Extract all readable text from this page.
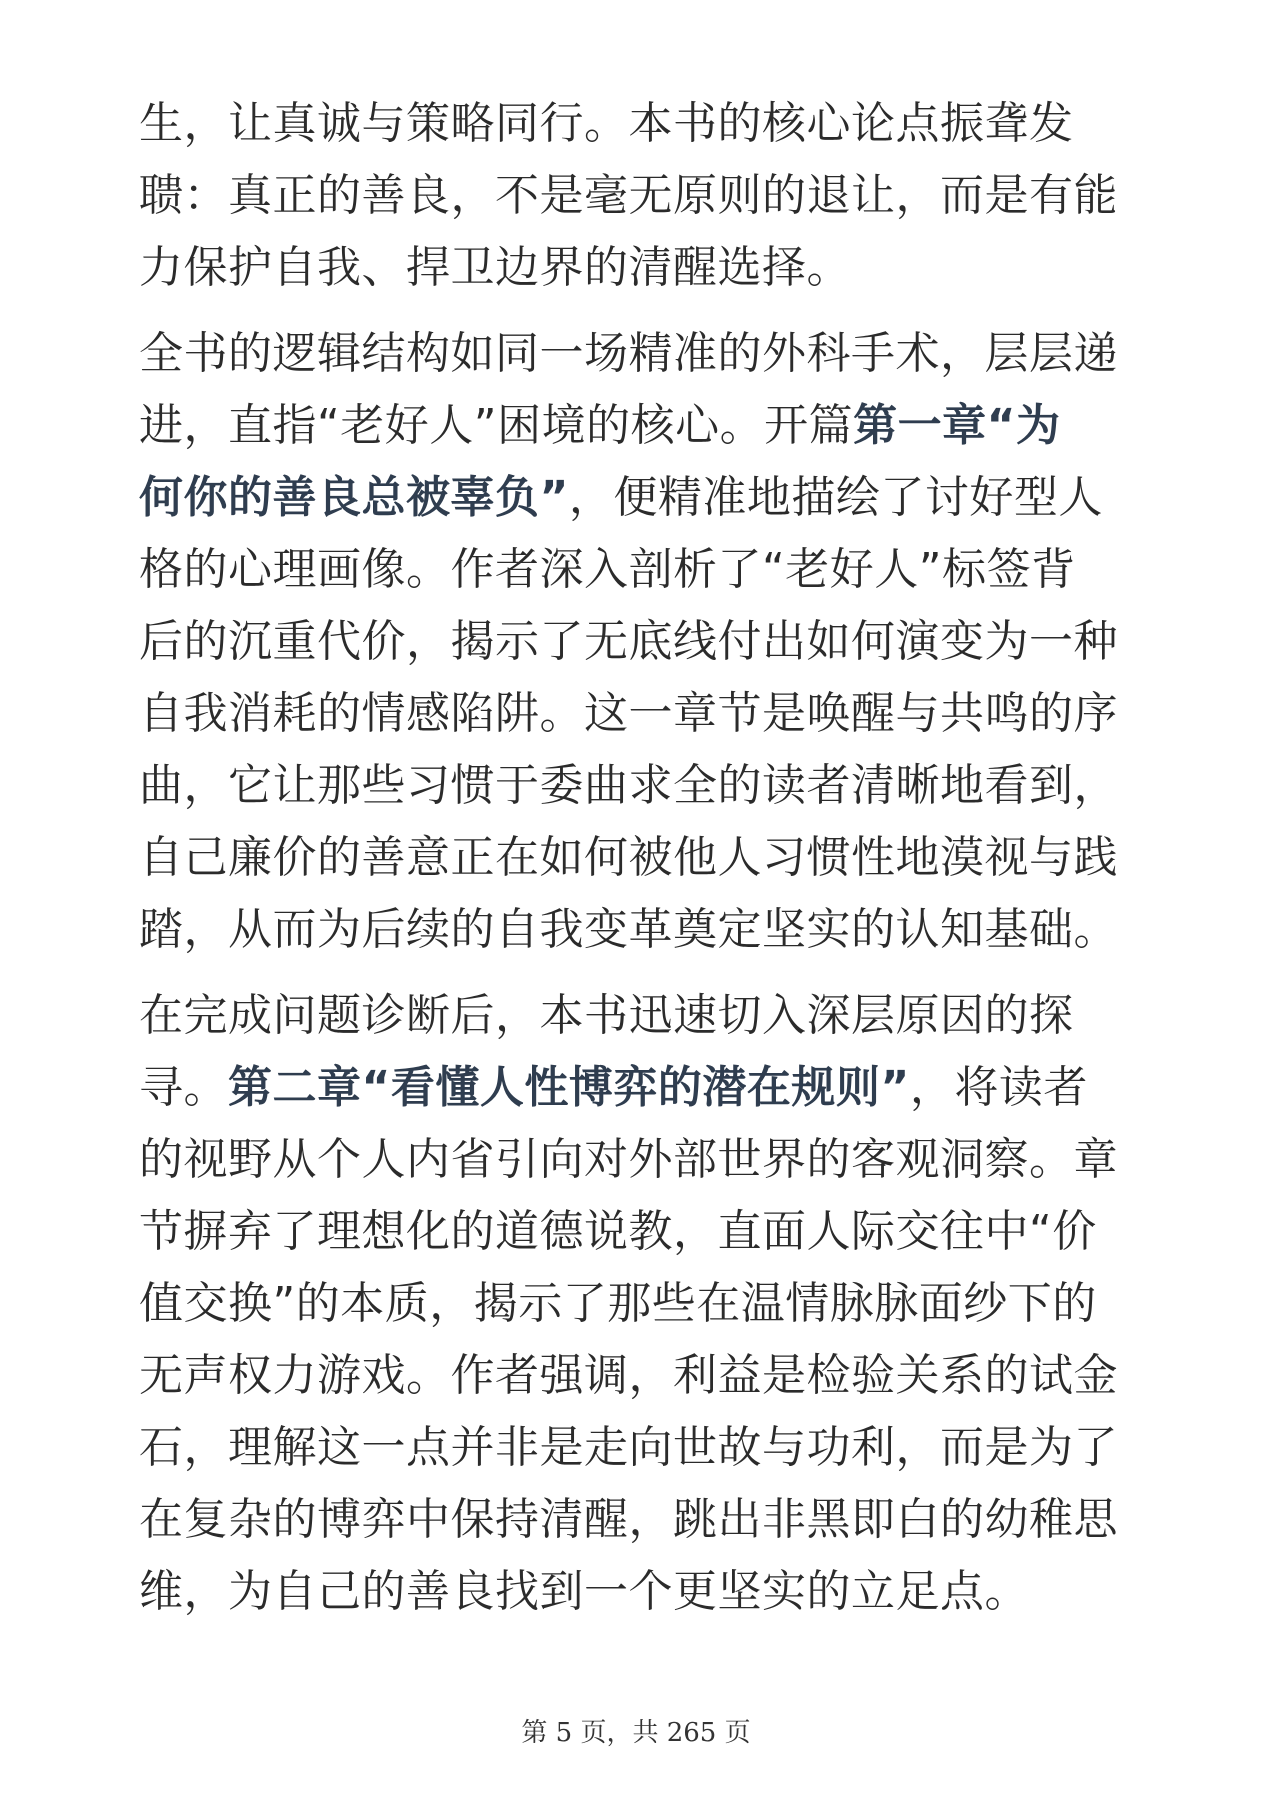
生，让真诚与策略同行。本书的核心论点振聋发
聩：真正的善良，不是毫无原则的退让，而是有能
力保护自我、捍卫边界的清醒选择。
全书的逻辑结构如同一场精准的外科手术，层层递
进，直指“老好人”困境的核心。开篇第一章“为
何你的善良总被辜负”，便精准地描绘了讨好型人
格的心理画像。作者深入剖析了“老好人”标签背
后的沉重代价，揭示了无底线付出如何演变为一种
自我消耗的情感陷阱。这一章节是唤醒与共鸣的序
曲，它让那些习惯于委曲求全的读者清晰地看到，
自己廉价的善意正在如何被他人习惯性地漠视与践
踏，从而为后续的自我变革奠定坚实的认知基础。
在完成问题诊断后，本书迅速切入深层原因的探
寻。第二章“看懂人性博弈的潜在规则”，将读者
的视野从个人内省引向对外部世界的客观洞察。章
节摒弃了理想化的道德说教，直面人际交往中“价
值交换”的本质，揭示了那些在温情脉脉面纱下的
无声权力游戏。作者强调，利益是检验关系的试金
石，理解这一点并非是走向世故与功利，而是为了
在复杂的博弈中保持清醒，跳出非黑即白的幼稚思
维，为自己的善良找到一个更坚实的立足点。
第 5 页，共 265 页
